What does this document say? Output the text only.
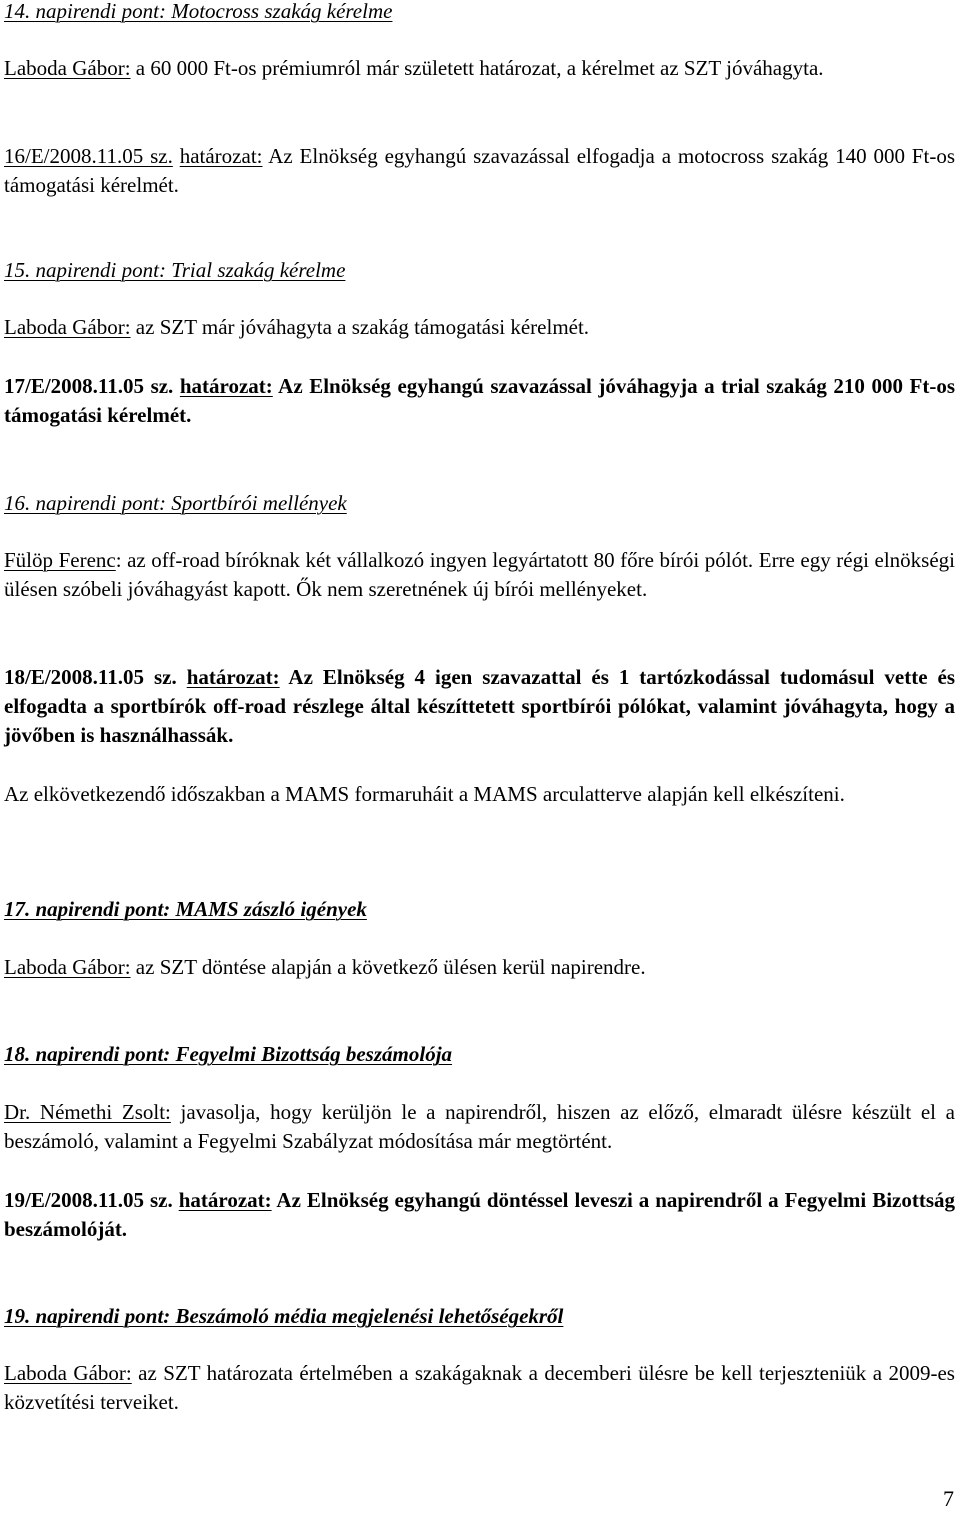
14. napirendi pont: Motocross szakág kérelme

Laboda Gábor: a 60 000 Ft-os prémiumról már született határozat, a kérelmet az SZT jóváhagyta.

16/E/2008.11.05 sz. határozat: Az Elnökség egyhangú szavazással elfogadja a motocross szakág 140 000 Ft-os támogatási kérelmét.

15. napirendi pont: Trial szakág kérelme

Laboda Gábor: az SZT már jóváhagyta a szakág támogatási kérelmét.

17/E/2008.11.05 sz. határozat: Az Elnökség egyhangú szavazással jóváhagyja a trial szakág 210 000 Ft-os támogatási kérelmét.

16. napirendi pont: Sportbírói mellények

Fülöp Ferenc: az off-road bíróknak két vállalkozó ingyen legyártatott 80 főre bírói pólót. Erre egy régi elnökségi ülésen szóbeli jóváhagyást kapott. Ők nem szeretnének új bírói mellényeket.

18/E/2008.11.05 sz. határozat: Az Elnökség 4 igen szavazattal és 1 tartózkodással tudomásul vette és elfogadta a sportbírók off-road részlege által készíttetett sportbírói pólókat, valamint jóváhagyta, hogy a jövőben is használhassák.

Az elkövetkezendő időszakban a MAMS formaruháit a MAMS arculatterve alapján kell elkészíteni.

17. napirendi pont: MAMS zászló igények

Laboda Gábor: az SZT döntése alapján a következő ülésen kerül napirendre.

18. napirendi pont: Fegyelmi Bizottság beszámolója

Dr. Némethi Zsolt: javasolja, hogy kerüljön le a napirendről, hiszen az előző, elmaradt ülésre készült el a beszámoló, valamint a Fegyelmi Szabályzat módosítása már megtörtént.

19/E/2008.11.05 sz. határozat: Az Elnökség egyhangú döntéssel leveszi a napirendről a Fegyelmi Bizottság beszámolóját.

19. napirendi pont: Beszámoló média megjelenési lehetőségekről

Laboda Gábor: az SZT határozata értelmében a szakágaknak a decemberi ülésre be kell terjeszteniük a 2009-es közvetítési terveiket.

7
